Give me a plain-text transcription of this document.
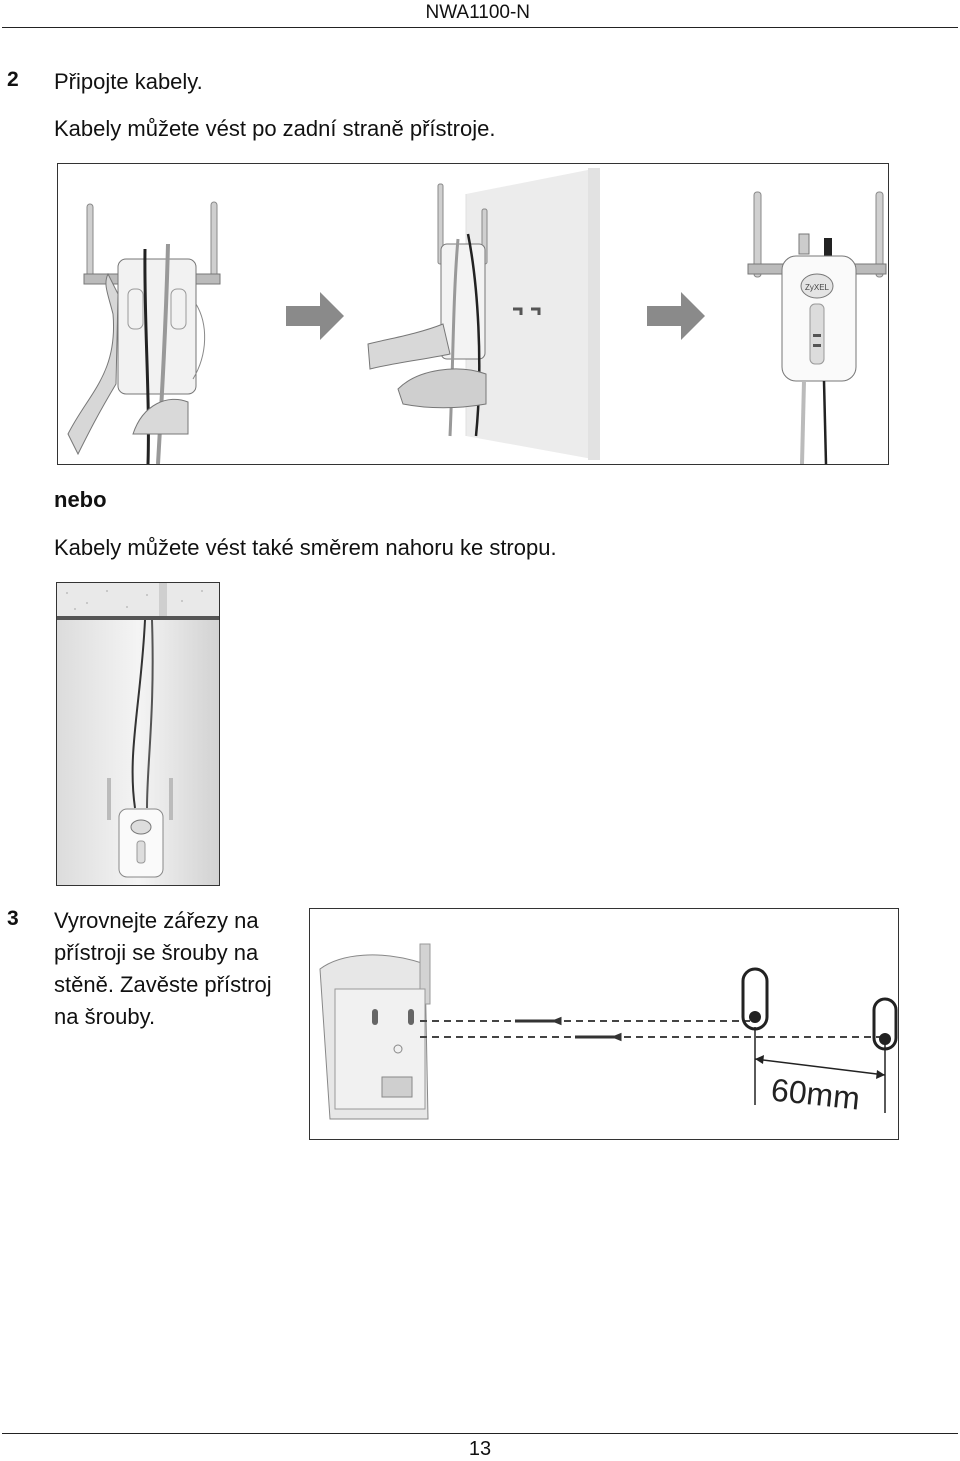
NWA1100-N
2 Připojte kabely.
Kabely můžete vést po zadní straně přístroje.
ZyXEL
nebo
Kabely můžete vést také směrem nahoru ke stropu.
3 Vyrovnejte zářezy na
přístroji se šrouby na
stěně. Zavěste přístroj
na šrouby.
60mm
13
